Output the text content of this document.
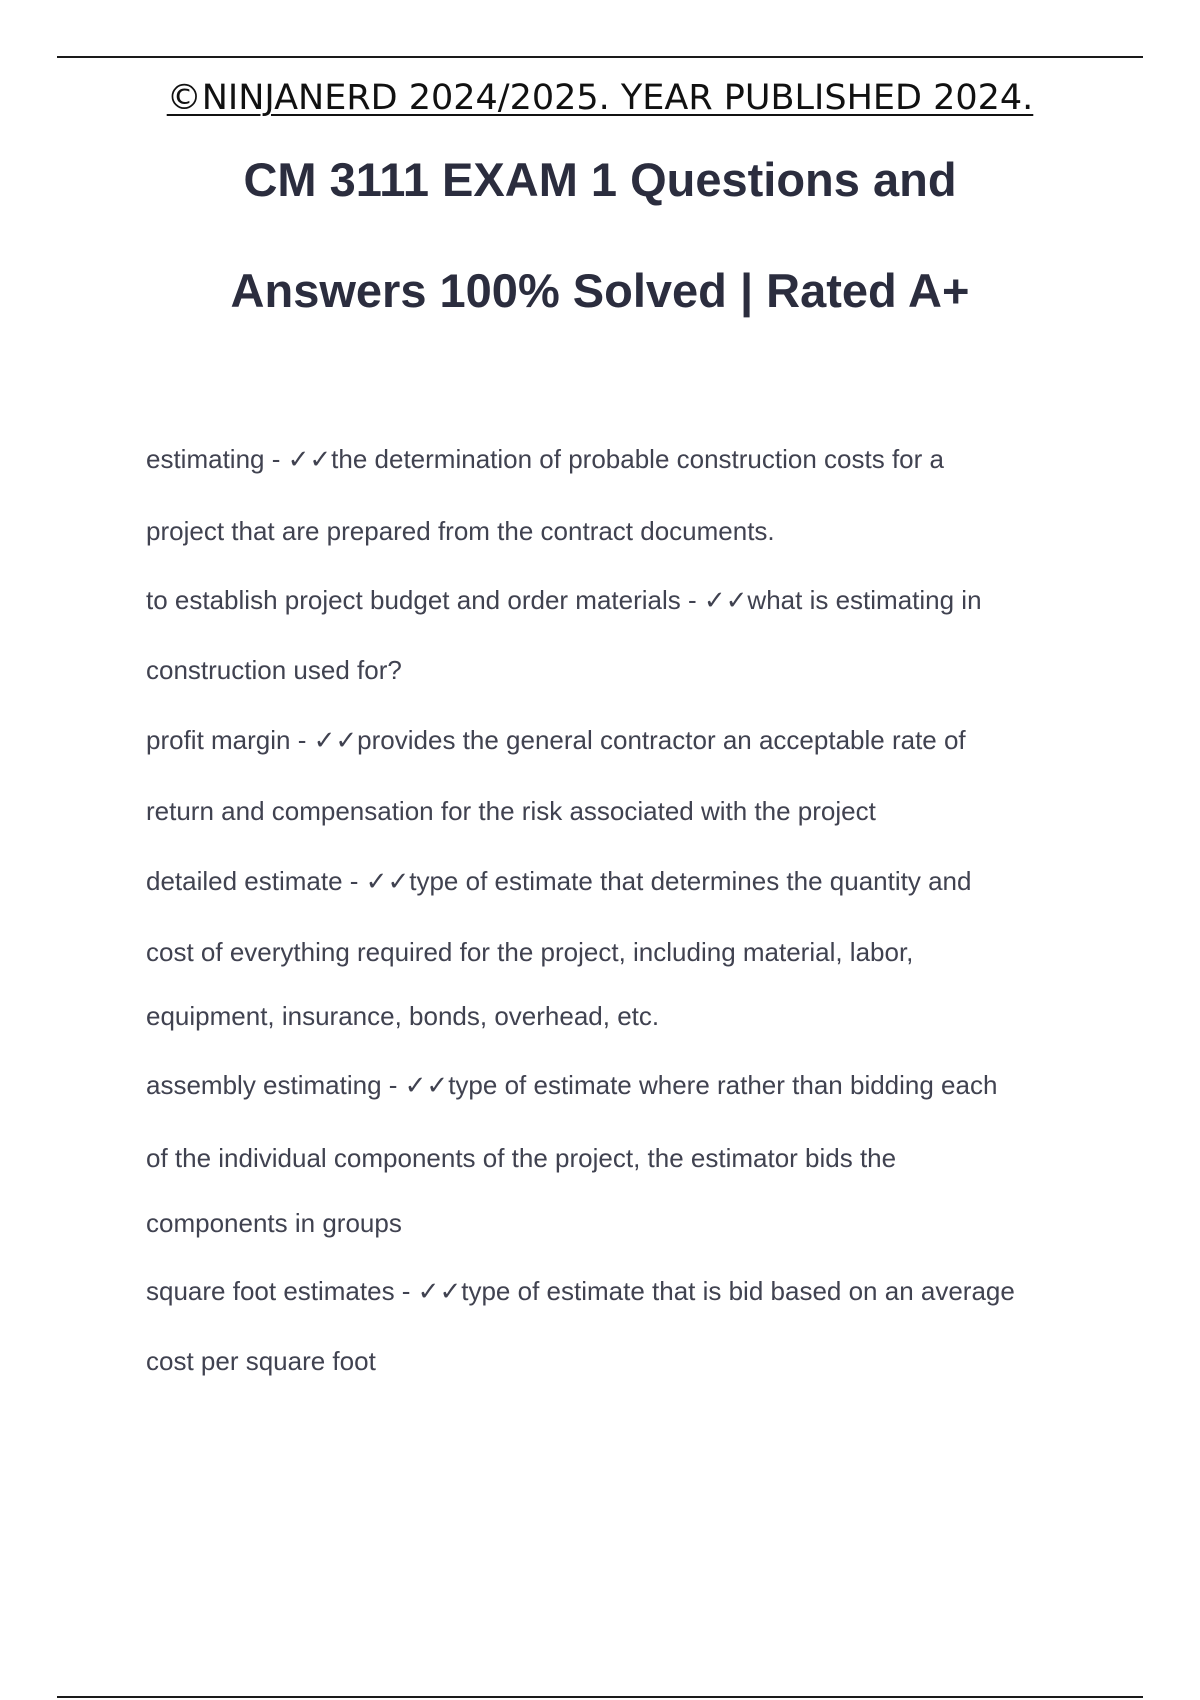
©NINJANERD 2024/2025. YEAR PUBLISHED 2024.
CM 3111 EXAM 1 Questions and
Answers 100% Solved | Rated A+
estimating - ✓✓the determination of probable construction costs for a
project that are prepared from the contract documents.
to establish project budget and order materials - ✓✓what is estimating in
construction used for?
profit margin - ✓✓provides the general contractor an acceptable rate of
return and compensation for the risk associated with the project
detailed estimate - ✓✓type of estimate that determines the quantity and
cost of everything required for the project, including material, labor,
equipment, insurance, bonds, overhead, etc.
assembly estimating - ✓✓type of estimate where rather than bidding each
of the individual components of the project, the estimator bids the
components in groups
square foot estimates - ✓✓type of estimate that is bid based on an average
cost per square foot
